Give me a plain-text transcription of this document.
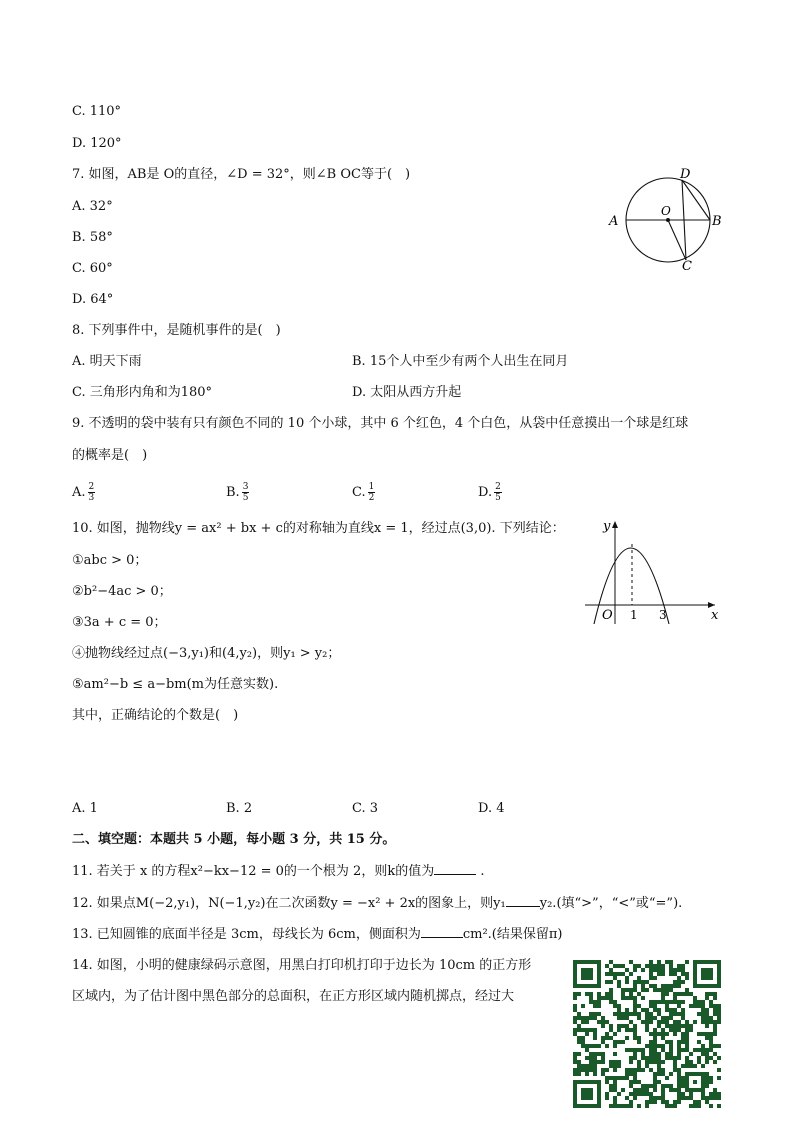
C. 110°
D. 120°
7. 如图，AB是 O的直径，∠D = 32°，则∠B OC等于(　)
A. 32°
B. 58°
C. 60°
D. 64°
A	B
C
D
O
8. 下列事件中，是随机事件的是(　)
A. 明天下雨	B. 15个人中至少有两个人出生在同月
C. 三角形内角和为180°	D. 太阳从西方升起
9. 不透明的袋中装有只有颜色不同的 10 个小球，其中 6 个红色，4 个白色，从袋中任意摸出一个球是红球
的概率是(　)
A. $\frac{2}{3}$	B. $\frac{3}{5}$	C. $\frac{1}{2}$	D. $\frac{2}{5}$
10. 如图，抛物线y = ax² + bx + c的对称轴为直线x = 1，经过点(3,0). 下列结论：
①abc > 0；
②b²−4ac > 0；
③3a + c = 0；
④抛物线经过点(−3,y₁)和(4,y₂)，则y₁ > y₂；
⑤am²−b ≤ a−bm(m为任意实数).
其中，正确结论的个数是(　)
A. 1	B. 2	C. 3	D. 4
y
x
O 1 3
二、填空题：本题共 5 小题，每小题 3 分，共 15 分。
11. 若关于 x 的方程x²−kx−12 = 0的一个根为 2，则k的值为	.
12. 如果点M(−2,y₁)，N(−1,y₂)在二次函数y = −x² + 2x的图象上，则y₁	y₂.(填“>”，“<”或“=”).
13. 已知圆锥的底面半径是 3cm，母线长为 6cm，侧面积为	cm².(结果保留π)
14. 如图，小明的健康绿码示意图，用黑白打印机打印于边长为 10cm 的正方形
区域内，为了估计图中黑色部分的总面积，在正方形区域内随机掷点，经过大
